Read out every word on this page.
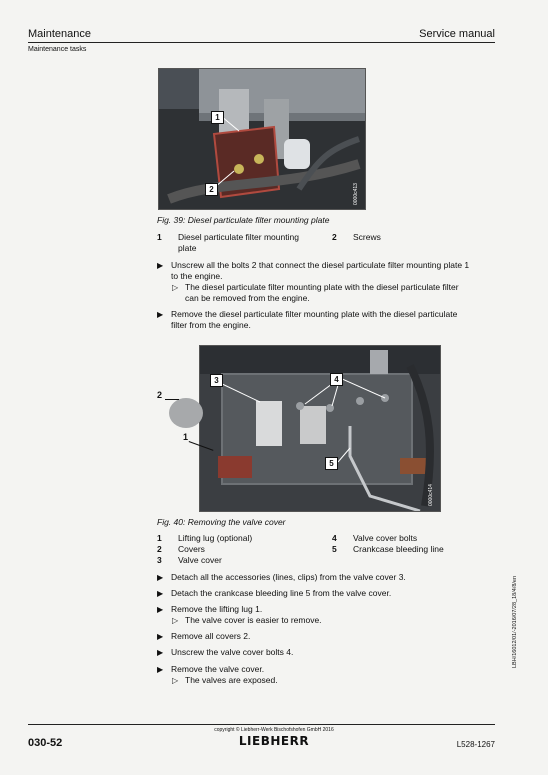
Maintenance	Service manual
Maintenance tasks
1
2	0000c413
Fig. 39: Diesel particulate filter mounting plate
1 Diesel particulate filter mounting
plate
2 Screws
▶ Unscrew all the bolts 2 that connect the diesel particulate filter mounting plate 1
to the engine.
▷ The diesel particulate filter mounting plate with the diesel particulate filter
can be removed from the engine.
▶ Remove the diesel particulate filter mounting plate with the diesel particulate
filter from the engine.
3	4
5
0000c414
2
1
Fig. 40: Removing the valve cover
1 Lifting lug (optional)
2 Covers
3 Valve cover
4 Valve cover bolts
5 Crankcase bleeding line
▶ Detach all the accessories (lines, clips) from the valve cover 3.
▶ Detach the crankcase bleeding line 5 from the valve cover.
▶ Remove the lifting lug 1.
▷ The valve cover is easier to remove.
▶ Remove all covers 2.
▶ Unscrew the valve cover bolts 4.
▶ Remove the valve cover.
▷ The valves are exposed.
LBH/16012/01/-2016/07/28_18/4/8/en
030-52
copyright © Liebherr-Werk Bischofshofen GmbH 2016
LIEBHERR	L528-1267
